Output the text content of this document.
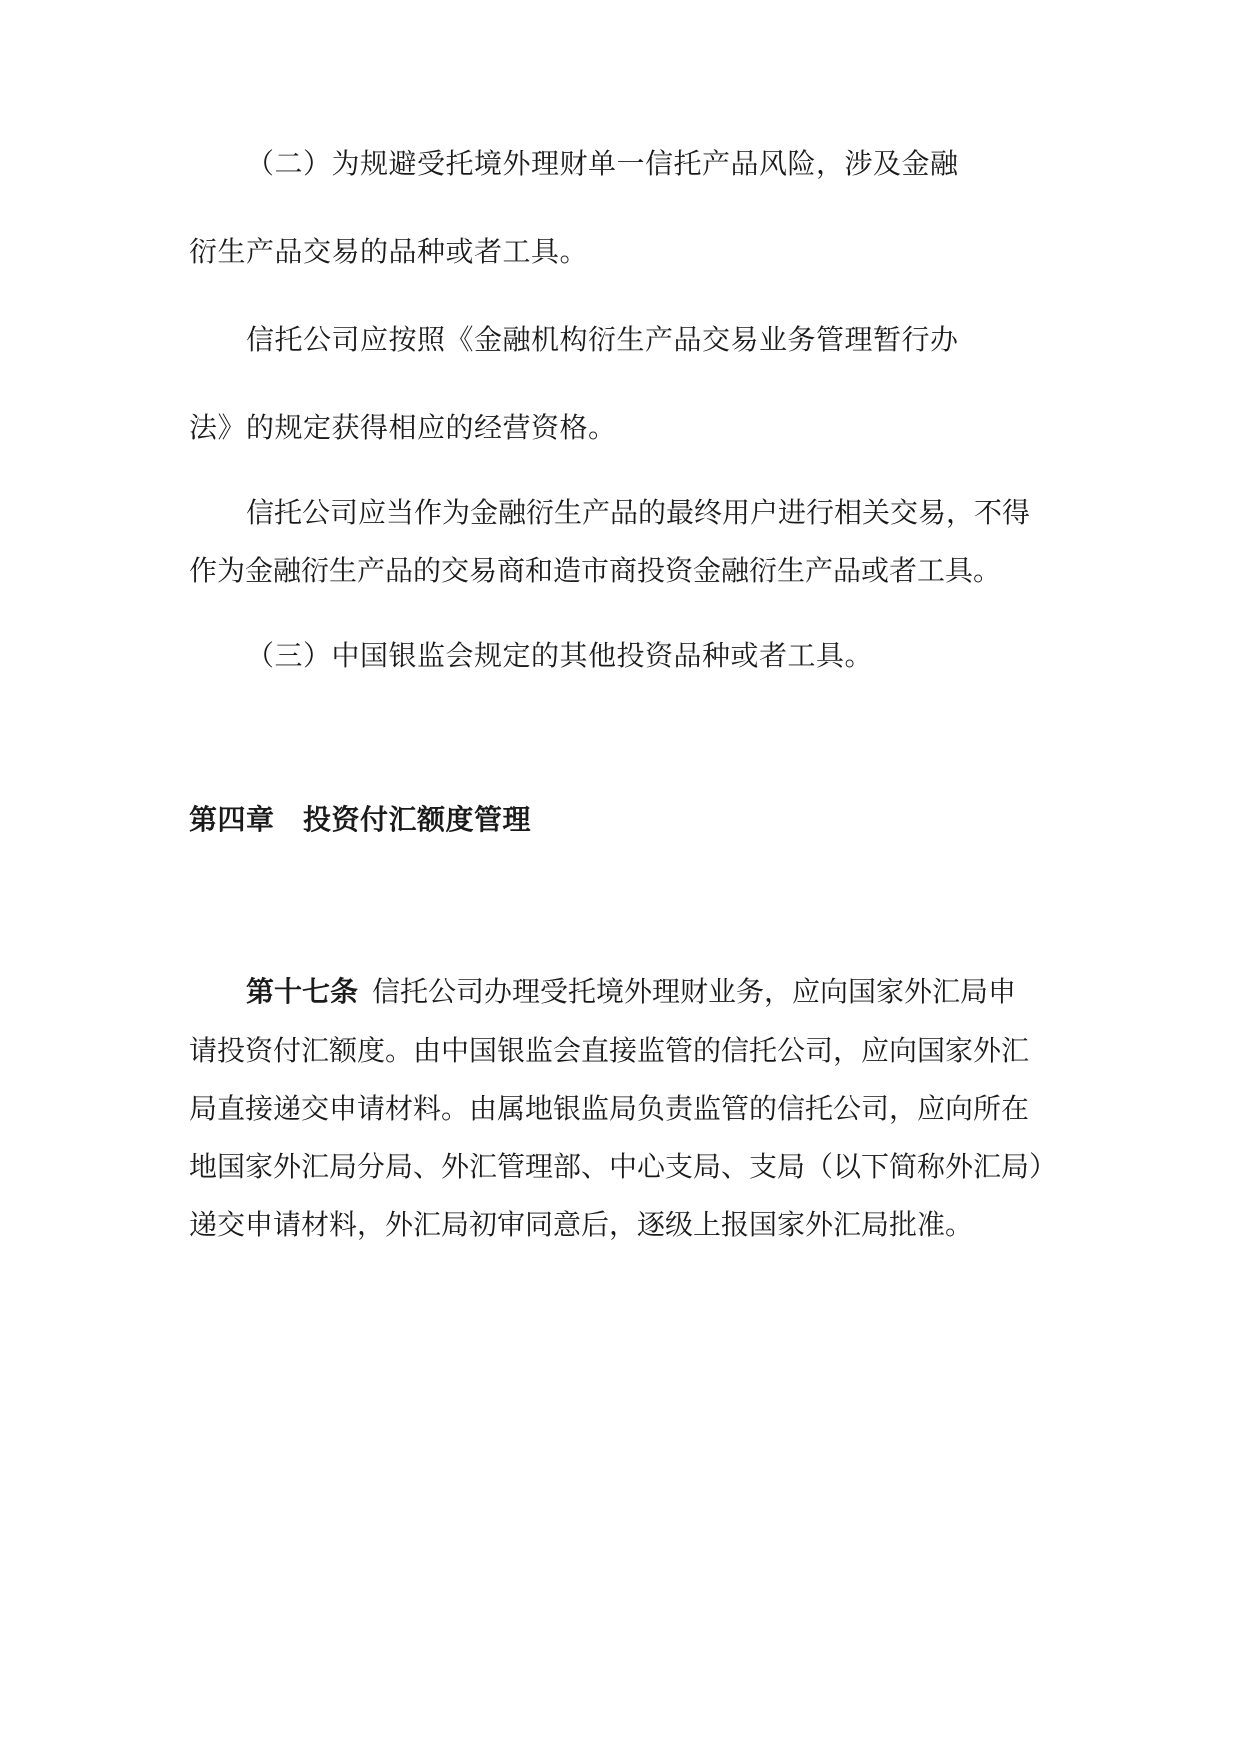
（二）为规避受托境外理财单一信托产品风险，涉及金融
衍生产品交易的品种或者工具。
信托公司应按照《金融机构衍生产品交易业务管理暂行办
法》的规定获得相应的经营资格。
信托公司应当作为金融衍生产品的最终用户进行相关交易，不得
作为金融衍生产品的交易商和造市商投资金融衍生产品或者工具。
（三）中国银监会规定的其他投资品种或者工具。
第四章　投资付汇额度管理
第十七条  信托公司办理受托境外理财业务，应向国家外汇局申
请投资付汇额度。由中国银监会直接监管的信托公司，应向国家外汇
局直接递交申请材料。由属地银监局负责监管的信托公司，应向所在
地国家外汇局分局、外汇管理部、中心支局、支局（以下简称外汇局）
递交申请材料，外汇局初审同意后，逐级上报国家外汇局批准。
